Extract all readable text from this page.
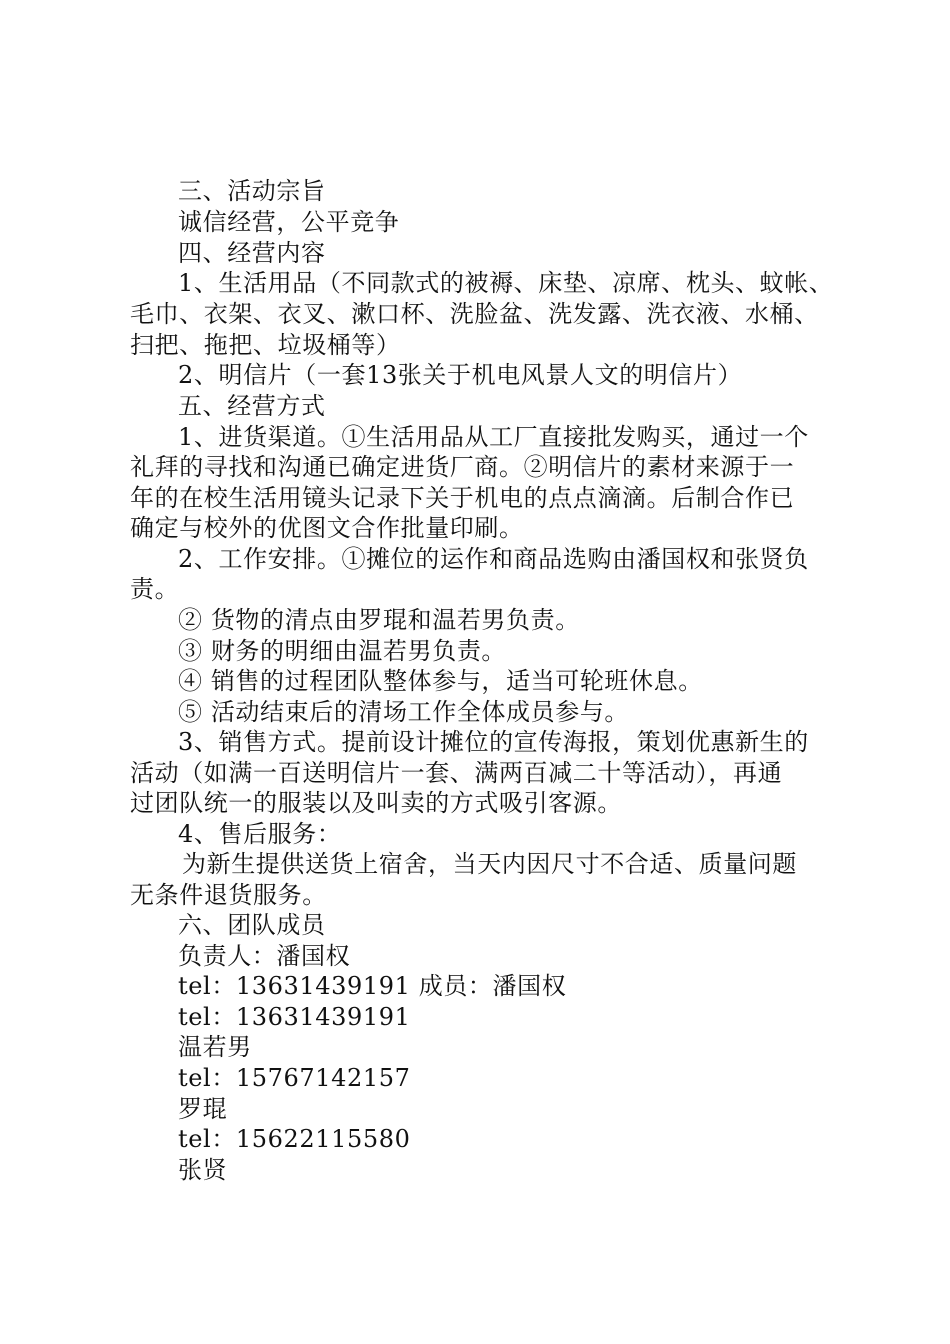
三、活动宗旨
诚信经营，公平竞争
四、经营内容
1、生活用品（不同款式的被褥、床垫、凉席、枕头、蚊帐、
毛巾、衣架、衣叉、漱口杯、洗脸盆、洗发露、洗衣液、水桶、
扫把、拖把、垃圾桶等）
2、明信片（一套13张关于机电风景人文的明信片）
五、经营方式
1、进货渠道。①生活用品从工厂直接批发购买，通过一个
礼拜的寻找和沟通已确定进货厂商。②明信片的素材来源于一
年的在校生活用镜头记录下关于机电的点点滴滴。后制合作已
确定与校外的优图文合作批量印刷。
2、工作安排。①摊位的运作和商品选购由潘国权和张贤负
责。
② 货物的清点由罗琨和温若男负责。
③ 财务的明细由温若男负责。
④ 销售的过程团队整体参与，适当可轮班休息。
⑤ 活动结束后的清场工作全体成员参与。
3、销售方式。提前设计摊位的宣传海报，策划优惠新生的
活动（如满一百送明信片一套、满两百减二十等活动），再通
过团队统一的服装以及叫卖的方式吸引客源。
4、售后服务：
为新生提供送货上宿舍，当天内因尺寸不合适、质量问题
无条件退货服务。
六、团队成员
负责人：潘国权
tel：13631439191 成员：潘国权
tel：13631439191
温若男
tel：15767142157
罗琨
tel：15622115580
张贤
